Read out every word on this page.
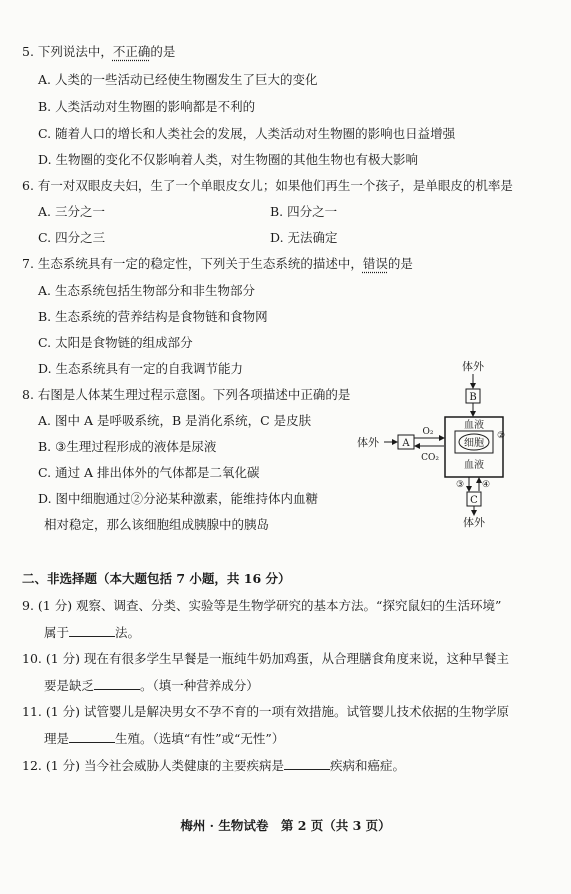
5. 下列说法中，不正确的是
A. 人类的一些活动已经使生物圈发生了巨大的变化
B. 人类活动对生物圈的影响都是不利的
C. 随着人口的增长和人类社会的发展，人类活动对生物圈的影响也日益增强
D. 生物圈的变化不仅影响着人类，对生物圈的其他生物也有极大影响
6. 有一对双眼皮夫妇，生了一个单眼皮女儿；如果他们再生一个孩子，是单眼皮的机率是
A. 三分之一	B. 四分之一
C. 四分之三	D. 无法确定
7. 生态系统具有一定的稳定性，下列关于生态系统的描述中，错误的是
A. 生态系统包括生物部分和非生物部分
B. 生态系统的营养结构是食物链和食物网
C. 太阳是食物链的组成部分
D. 生态系统具有一定的自我调节能力
8. 右图是人体某生理过程示意图。下列各项描述中正确的是
A. 图中 A 是呼吸系统，B 是消化系统，C 是皮肤
B. ③生理过程形成的液体是尿液
C. 通过 A 排出体外的气体都是二氧化碳
D. 图中细胞通过②分泌某种激素，能维持体内血糖
相对稳定，那么该细胞组成胰腺中的胰岛
体外
B
血液
细胞
②
血液
体外 A
O₂
CO₂
③ ④
C
体外
二、非选择题（本大题包括 7 小题，共 16 分）
9. (1 分) 观察、调查、分类、实验等是生物学研究的基本方法。“探究鼠妇的生活环境”
属于	法。
10. (1 分) 现在有很多学生早餐是一瓶纯牛奶加鸡蛋，从合理膳食角度来说，这种早餐主
要是缺乏	。（填一种营养成分）
11. (1 分) 试管婴儿是解决男女不孕不育的一项有效措施。试管婴儿技术依据的生物学原
理是	生殖。（选填“有性”或“无性”）
12. (1 分) 当今社会威胁人类健康的主要疾病是	疾病和癌症。
梅州 · 生物试卷　第 2 页（共 3 页）
